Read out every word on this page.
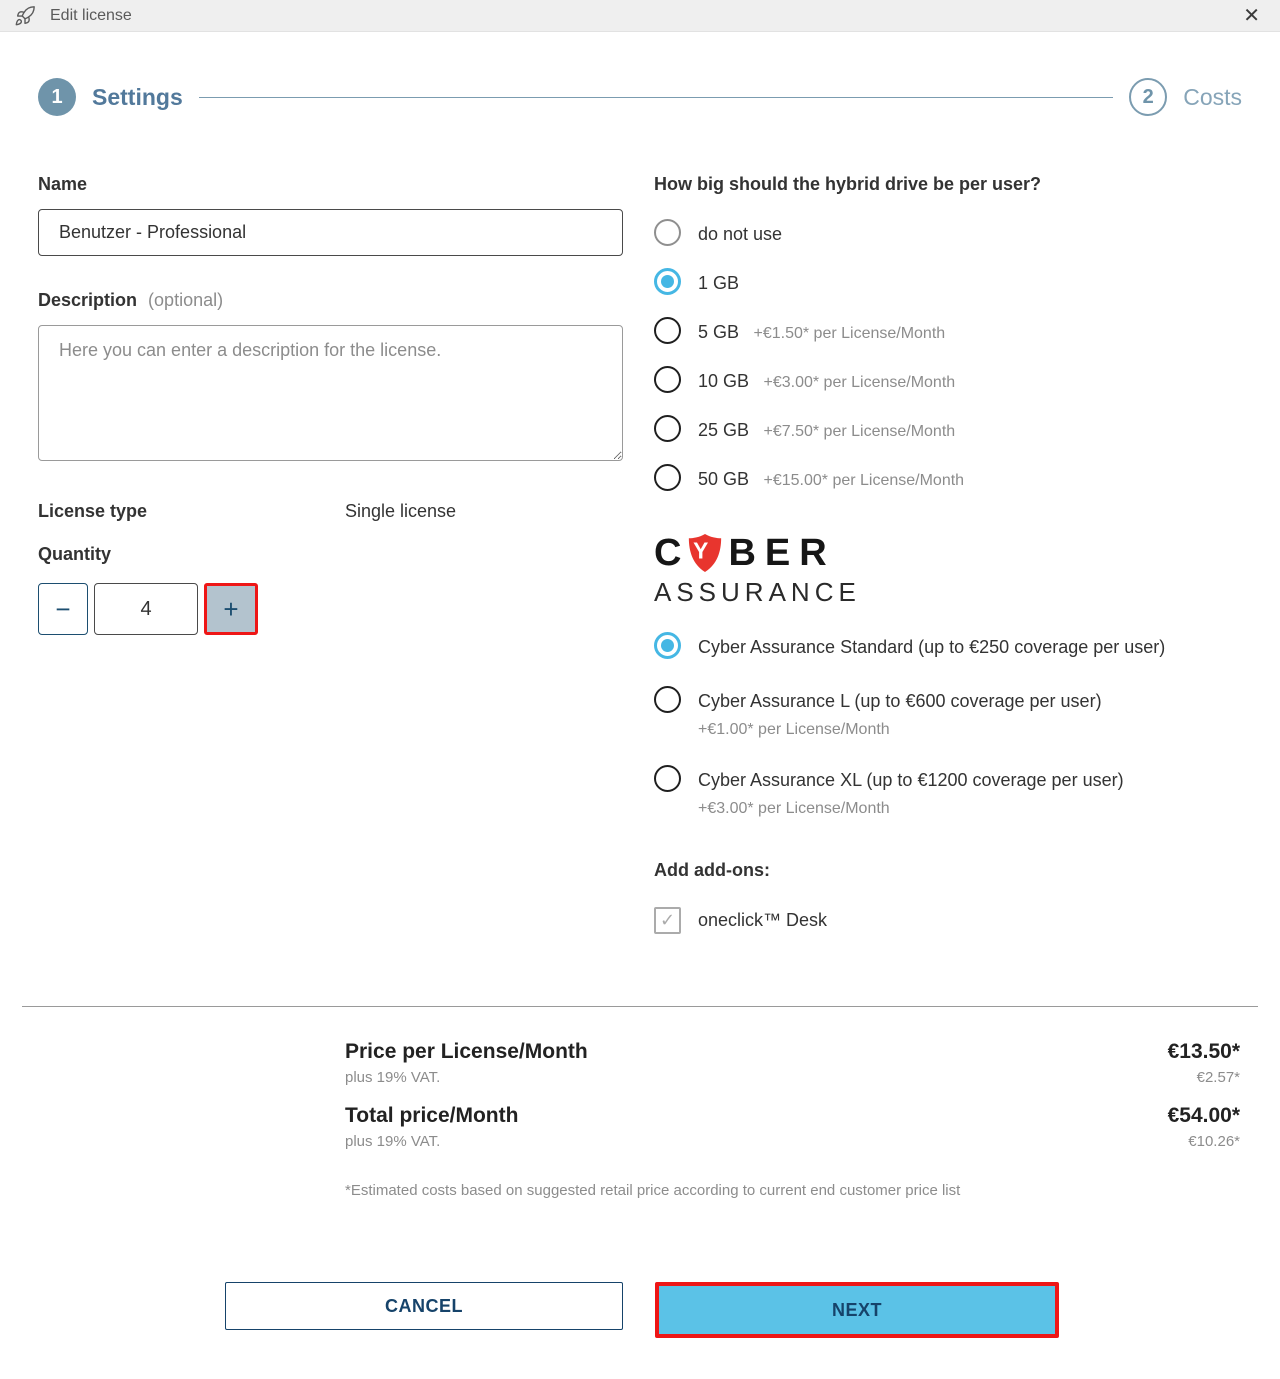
Edit license	✕
1	Settings	2	Costs
Name
Benutzer - Professional
Description (optional)
Here you can enter a description for the license.
License type	Single license
Quantity
−
4	+
How big should the hybrid drive be per user?
do not use
1 GB
5 GB +€1.50* per License/Month
10 GB +€3.00* per License/Month
25 GB +€7.50* per License/Month
50 GB +€15.00* per License/Month
C Y BER
ASSURANCE
Cyber Assurance Standard (up to €250 coverage per user)
Cyber Assurance L (up to €600 coverage per user)
+€1.00* per License/Month
Cyber Assurance XL (up to €1200 coverage per user)
+€3.00* per License/Month
Add add-ons:
✓ oneclick™ Desk
Price per License/Month	€13.50*
plus 19% VAT.	€2.57*
Total price/Month	€54.00*
plus 19% VAT.	€10.26*
*Estimated costs based on suggested retail price according to current end customer price list
CANCEL	NEXT
